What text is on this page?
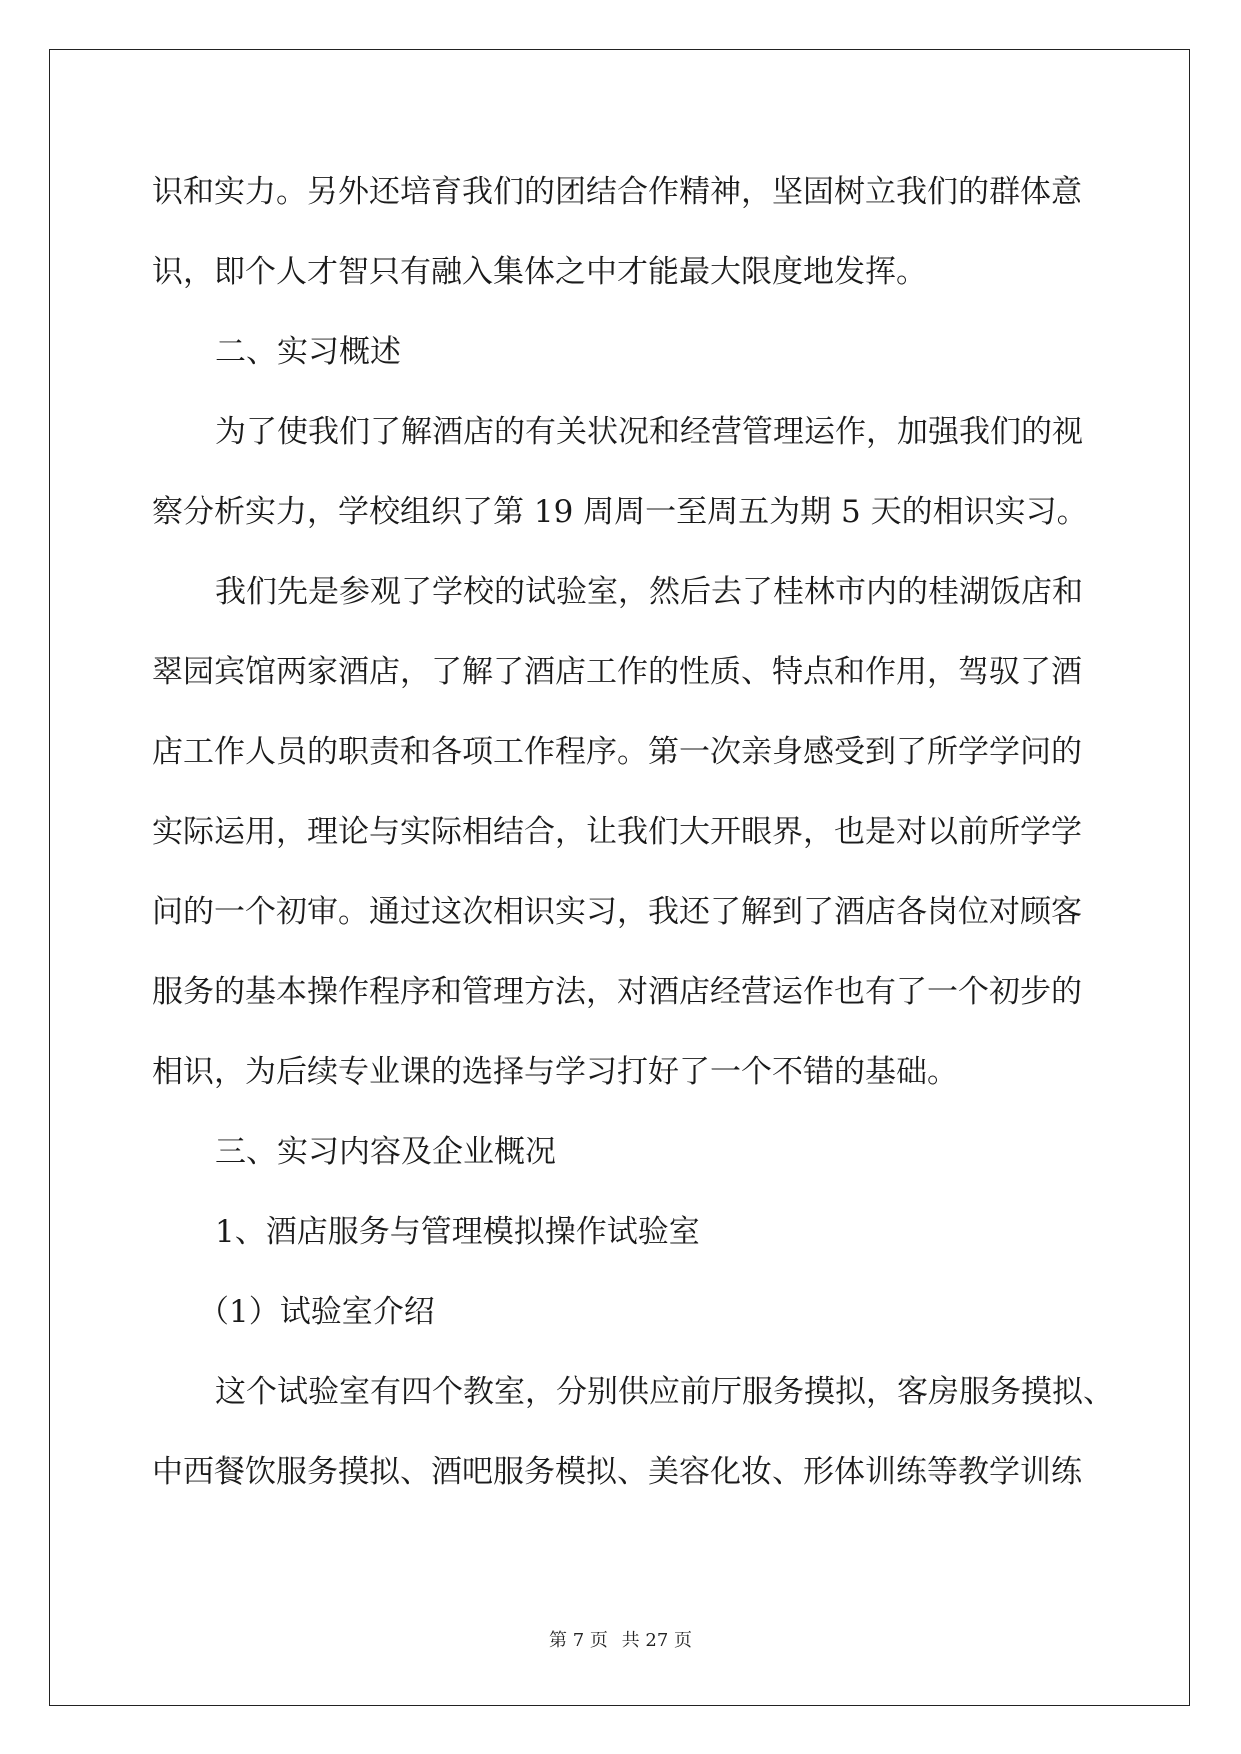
识和实力。另外还培育我们的团结合作精神，坚固树立我们的群体意
识，即个人才智只有融入集体之中才能最大限度地发挥。
二、实习概述
为了使我们了解酒店的有关状况和经营管理运作，加强我们的视
察分析实力，学校组织了第 19 周周一至周五为期 5 天的相识实习。
我们先是参观了学校的试验室，然后去了桂林市内的桂湖饭店和
翠园宾馆两家酒店，了解了酒店工作的性质、特点和作用，驾驭了酒
店工作人员的职责和各项工作程序。第一次亲身感受到了所学学问的
实际运用，理论与实际相结合，让我们大开眼界，也是对以前所学学
问的一个初审。通过这次相识实习，我还了解到了酒店各岗位对顾客
服务的基本操作程序和管理方法，对酒店经营运作也有了一个初步的
相识，为后续专业课的选择与学习打好了一个不错的基础。
三、实习内容及企业概况
1、酒店服务与管理模拟操作试验室
（1）试验室介绍
这个试验室有四个教室，分别供应前厅服务摸拟，客房服务摸拟、
中西餐饮服务摸拟、酒吧服务模拟、美容化妆、形体训练等教学训练
第 7 页 共 27 页
